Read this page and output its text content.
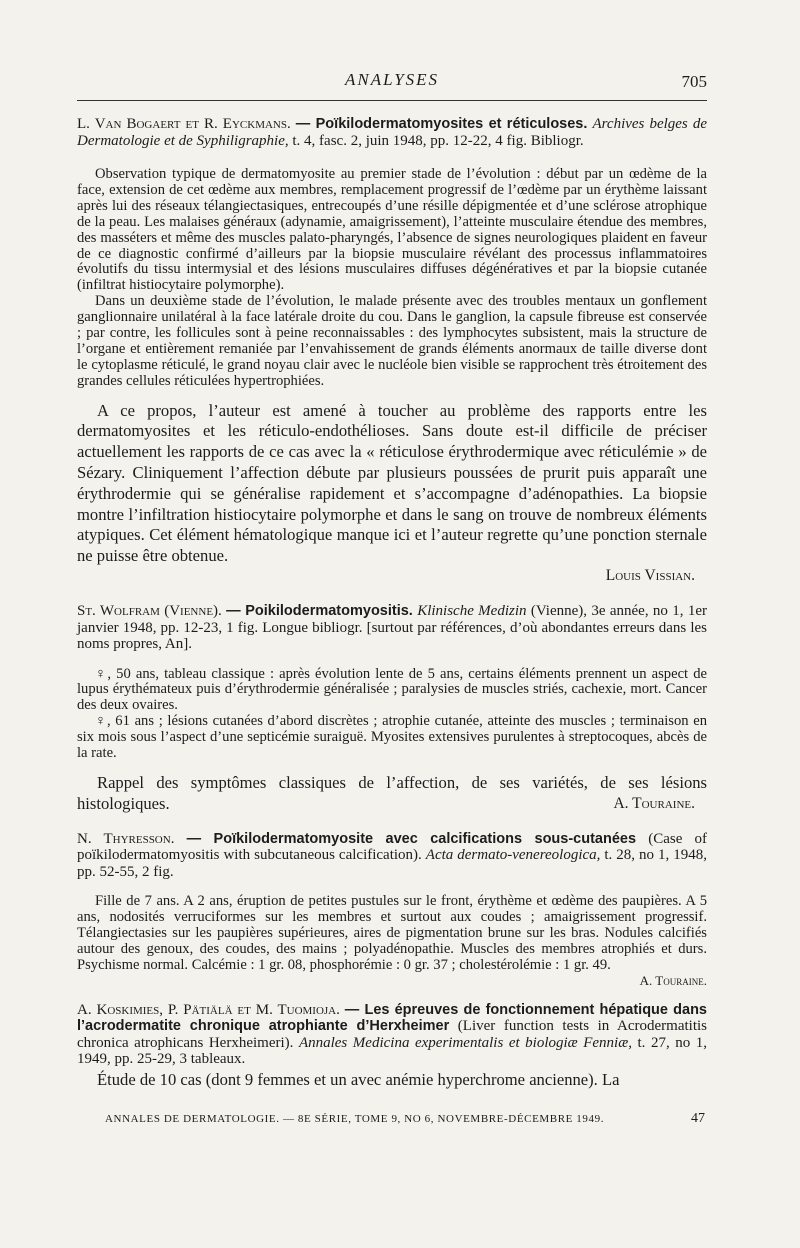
ANALYSES	705

L. Van Bogaert et R. Eyckmans. — Poïkilodermatomyosites et réticuloses. Archives belges de Dermatologie et de Syphiligraphie, t. 4, fasc. 2, juin 1948, pp. 12-22, 4 fig. Bibliogr.

Observation typique de dermatomyosite au premier stade de l’évolution : début par un œdème de la face, extension de cet œdème aux membres, remplacement progressif de l’œdème par un érythème laissant après lui des réseaux télangiectasiques, entrecoupés d’une résille dépigmentée et d’une sclérose atrophique de la peau. Les malaises généraux (adynamie, amaigrissement), l’atteinte musculaire étendue des membres, des masséters et même des muscles palato-pharyngés, l’absence de signes neurologiques plaident en faveur de ce diagnostic confirmé d’ailleurs par la biopsie musculaire révélant des processus inflammatoires évolutifs du tissu intermysial et des lésions musculaires diffuses dégénératives et par la biopsie cutanée (infiltrat histiocytaire polymorphe).

Dans un deuxième stade de l’évolution, le malade présente avec des troubles mentaux un gonflement ganglionnaire unilatéral à la face latérale droite du cou. Dans le ganglion, la capsule fibreuse est conservée ; par contre, les follicules sont à peine reconnaissables : des lymphocytes subsistent, mais la structure de l’organe et entièrement remaniée par l’envahissement de grands éléments anormaux de taille diverse dont le cytoplasme réticulé, le grand noyau clair avec le nucléole bien visible se rapprochent très étroitement des grandes cellules réticulées hypertrophiées.

A ce propos, l’auteur est amené à toucher au problème des rapports entre les dermatomyosites et les réticulo-endothélioses. Sans doute est-il difficile de préciser actuellement les rapports de ce cas avec la « réticulose érythrodermique avec réticulémie » de Sézary. Cliniquement l’affection débute par plusieurs poussées de prurit puis apparaît une érythrodermie qui se généralise rapidement et s’accompagne d’adénopathies. La biopsie montre l’infiltration histiocytaire polymorphe et dans le sang on trouve de nombreux éléments atypiques. Cet élément hématologique manque ici et l’auteur regrette qu’une ponction sternale ne puisse être obtenue.

Louis Vissian.

St. Wolfram (Vienne). — Poikilodermatomyositis. Klinische Medizin (Vienne), 3e année, no 1, 1er janvier 1948, pp. 12-23, 1 fig. Longue bibliogr. [surtout par références, d’où abondantes erreurs dans les noms propres, An].

♀, 50 ans, tableau classique : après évolution lente de 5 ans, certains éléments prennent un aspect de lupus érythémateux puis d’érythrodermie généralisée ; paralysies de muscles striés, cachexie, mort. Cancer des deux ovaires.

♀, 61 ans ; lésions cutanées d’abord discrètes ; atrophie cutanée, atteinte des muscles ; terminaison en six mois sous l’aspect d’une septicémie suraiguë. Myosites extensives purulentes à streptocoques, abcès de la rate.

Rappel des symptômes classiques de l’affection, de ses variétés, de ses lésions histologiques.	A. Touraine.

N. Thyresson. — Poïkilodermatomyosite avec calcifications sous-cutanées (Case of poïkilodermatomyositis with subcutaneous calcification). Acta dermato-venereologica, t. 28, no 1, 1948, pp. 52-55, 2 fig.

Fille de 7 ans. A 2 ans, éruption de petites pustules sur le front, érythème et œdème des paupières. A 5 ans, nodosités verruciformes sur les membres et surtout aux coudes ; amaigrissement progressif. Télangiectasies sur les paupières supérieures, aires de pigmentation brune sur les bras. Nodules calcifiés autour des genoux, des coudes, des mains ; polyadénopathie. Muscles des membres atrophiés et durs. Psychisme normal. Calcémie : 1 gr. 08, phosphorémie : 0 gr. 37 ; cholestérolémie : 1 gr. 49.

A. Touraine.

A. Koskimies, P. Pätiälä et M. Tuomioja. — Les épreuves de fonctionnement hépatique dans l’acrodermatite chronique atrophiante d’Herxheimer (Liver function tests in Acrodermatitis chronica atrophicans Herxheimeri). Annales Medicina experimentalis et biologiæ Fenniæ, t. 27, no 1, 1949, pp. 25-29, 3 tableaux.

Étude de 10 cas (dont 9 femmes et un avec anémie hyperchrome ancienne). La

ANNALES DE DERMATOLOGIE. — 8E SÉRIE, TOME 9, NO 6, NOVEMBRE-DÉCEMBRE 1949.	47
